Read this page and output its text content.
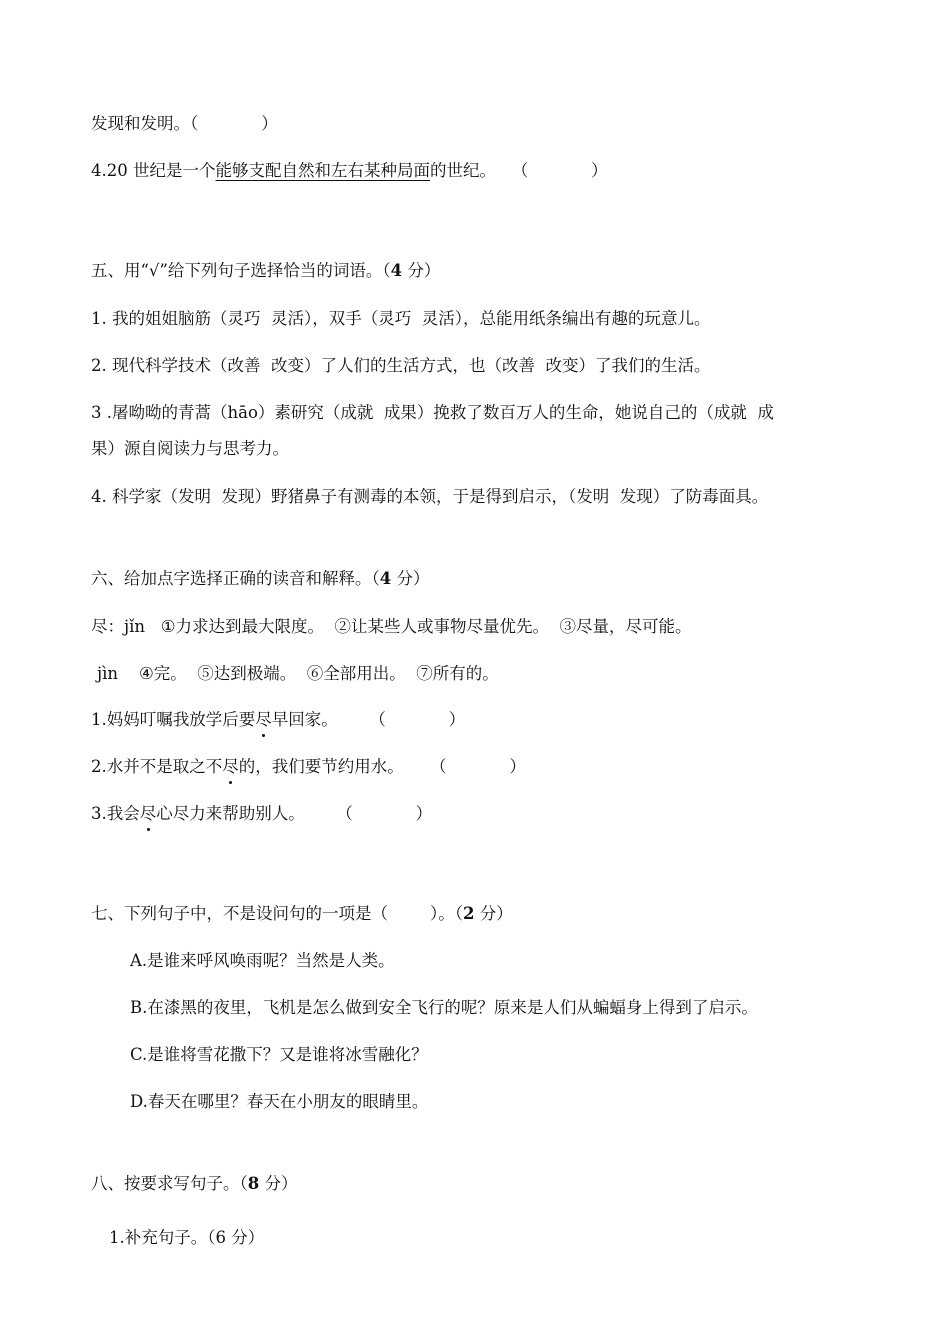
发现和发明。（            ）
4.20 世纪是一个能够支配自然和左右某种局面的世纪。   （            ）
五、用“√”给下列句子选择恰当的词语。（4 分）
1. 我的姐姐脑筋（灵巧  灵活），双手（灵巧  灵活），总能用纸条编出有趣的玩意儿。
2. 现代科学技术（改善  改变）了人们的生活方式，也（改善  改变）了我们的生活。
3 .屠呦呦的青蒿（hāo）素研究（成就  成果）挽救了数百万人的生命，她说自己的（成就  成
果）源自阅读力与思考力。
4. 科学家（发明  发现）野猪鼻子有测毒的本领，于是得到启示，（发明  发现）了防毒面具。
六、给加点字选择正确的读音和解释。（4 分）
尽：jǐn   ①力求达到最大限度。  ②让某些人或事物尽量优先。  ③尽量，尽可能。
jìn    ④完。  ⑤达到极端。  ⑥全部用出。  ⑦所有的。
1.妈妈叮嘱我放学后要尽早回家。      （            ）
2.水并不是取之不尽的，我们要节约用水。     （            ）
3.我会尽心尽力来帮助别人。      （            ）
七、下列句子中，不是设问句的一项是（        ）。（2 分）
A.是谁来呼风唤雨呢？当然是人类。
B.在漆黑的夜里，飞机是怎么做到安全飞行的呢？原来是人们从蝙蝠身上得到了启示。
C.是谁将雪花撒下？又是谁将冰雪融化？
D.春天在哪里？春天在小朋友的眼睛里。
八、按要求写句子。（8 分）
1.补充句子。（6 分）
